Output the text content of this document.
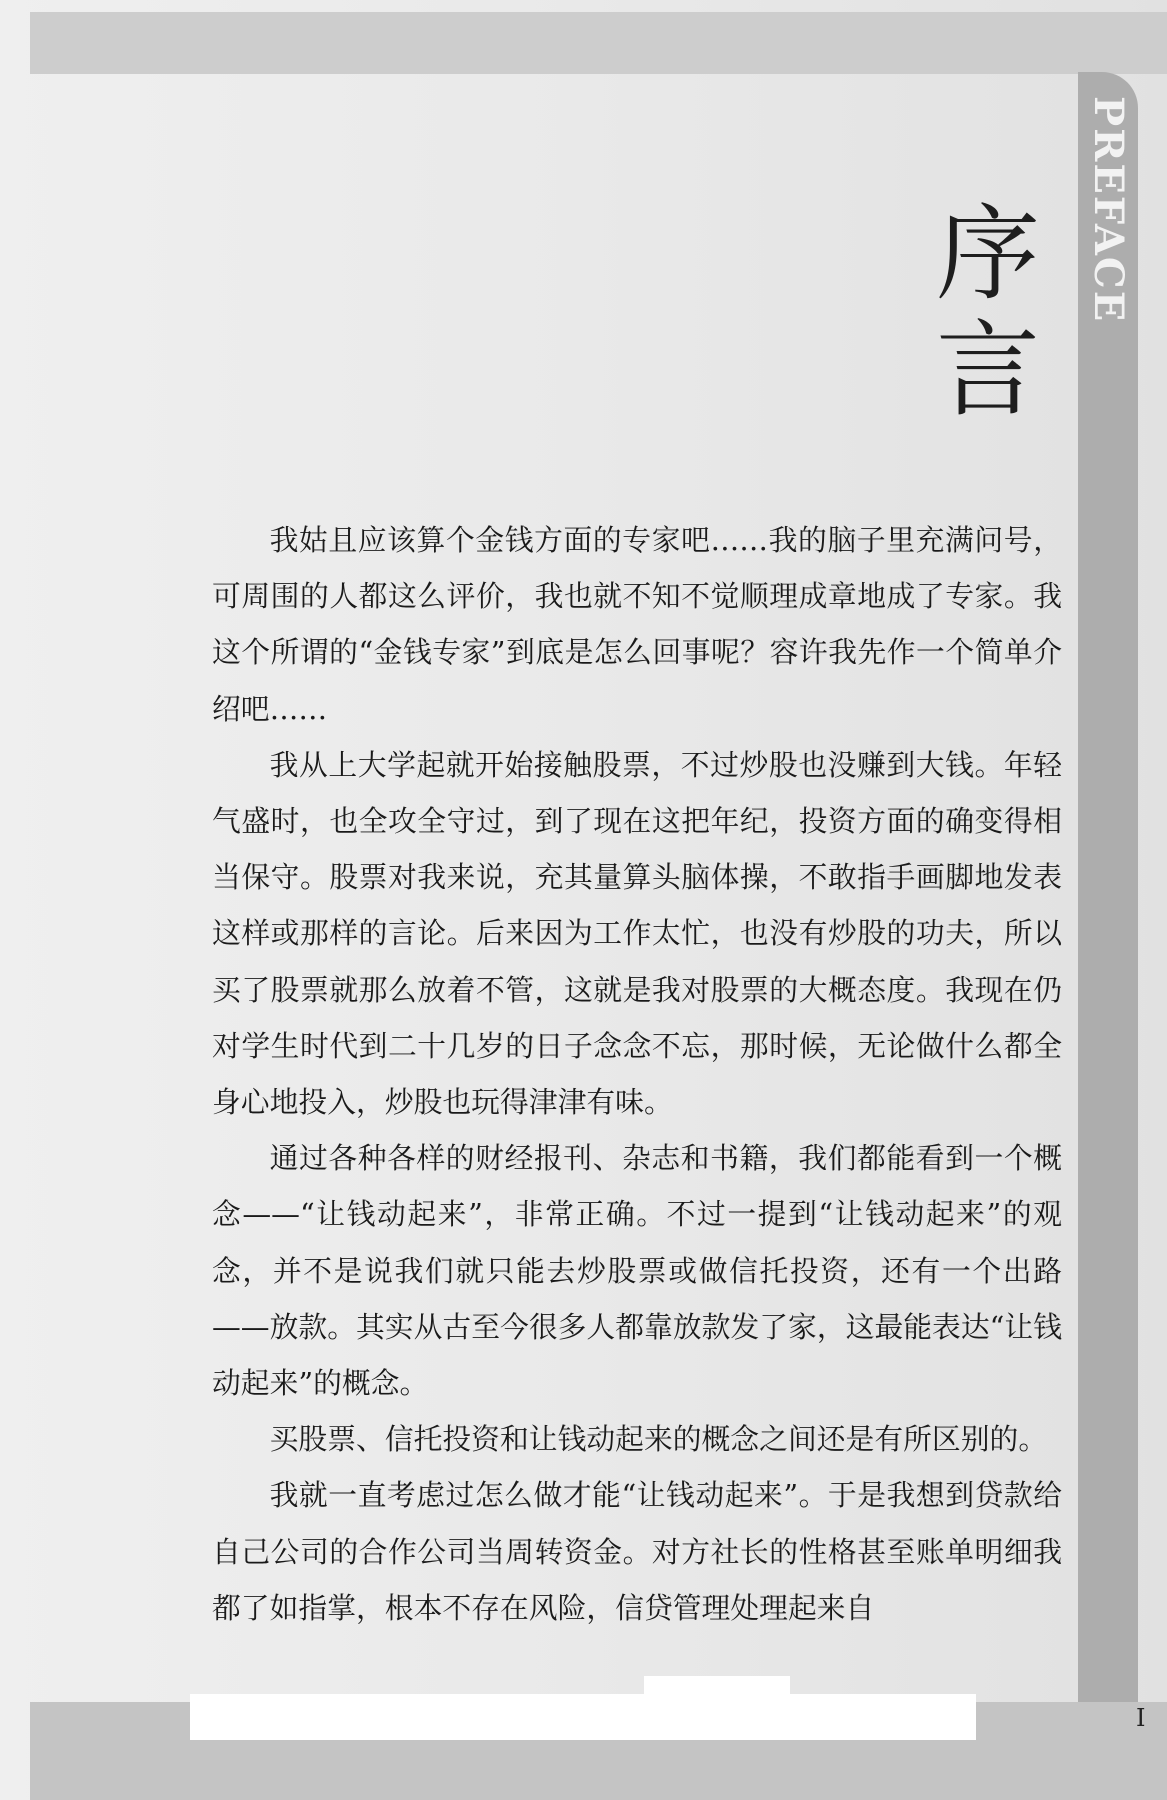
PREFACE
序
言

我姑且应该算个金钱方面的专家吧……我的脑子里充满问号，可周围的人都这么评价，我也就不知不觉顺理成章地成了专家。我这个所谓的“金钱专家”到底是怎么回事呢？容许我先作一个简单介绍吧……

我从上大学起就开始接触股票，不过炒股也没赚到大钱。年轻气盛时，也全攻全守过，到了现在这把年纪，投资方面的确变得相当保守。股票对我来说，充其量算头脑体操，不敢指手画脚地发表这样或那样的言论。后来因为工作太忙，也没有炒股的功夫，所以买了股票就那么放着不管，这就是我对股票的大概态度。我现在仍对学生时代到二十几岁的日子念念不忘，那时候，无论做什么都全身心地投入，炒股也玩得津津有味。

通过各种各样的财经报刊、杂志和书籍，我们都能看到一个概念——“让钱动起来”，非常正确。不过一提到“让钱动起来”的观念，并不是说我们就只能去炒股票或做信托投资，还有一个出路——放款。其实从古至今很多人都靠放款发了家，这最能表达“让钱动起来”的概念。

买股票、信托投资和让钱动起来的概念之间还是有所区别的。

我就一直考虑过怎么做才能“让钱动起来”。于是我想到贷款给自己公司的合作公司当周转资金。对方社长的性格甚至账单明细我都了如指掌，根本不存在风险，信贷管理处理起来自

I
